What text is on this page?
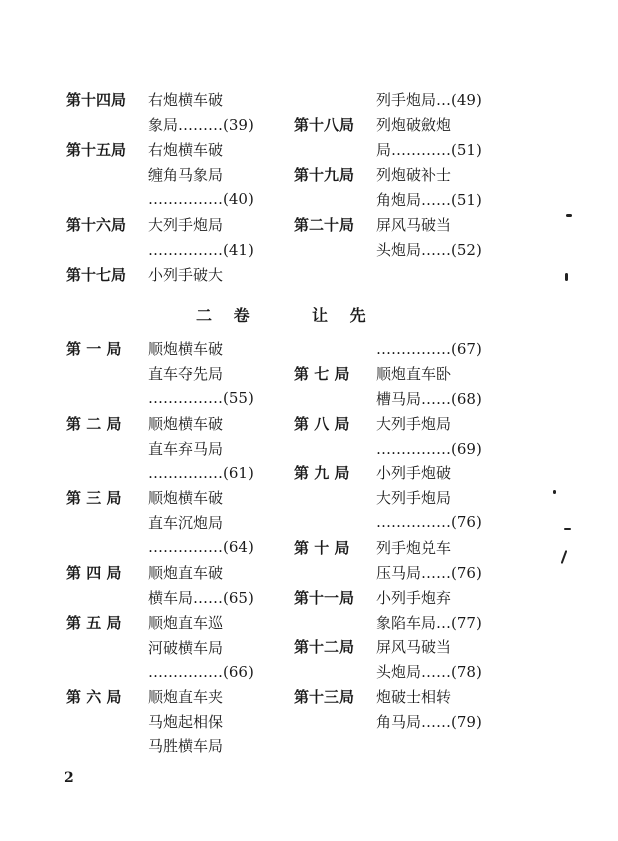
二 卷	让 先
第十四局 右炮横车破
象局………(39)
第十五局 右炮横车破
缠角马象局
……………(40)
第十六局 大列手炮局
……………(41)
第十七局 小列手破大
列手炮局…(49)
第十八局 列炮破斂炮
局…………(51)
第十九局 列炮破补士
角炮局……(51)
第二十局 屏风马破当
头炮局……(52)
第 一 局 顺炮横车破
直车夺先局
……………(55)
第 二 局 顺炮横车破
直车弃马局
……………(61)
第 三 局 顺炮横车破
直车沉炮局
……………(64)
第 四 局 顺炮直车破
横车局……(65)
第 五 局 顺炮直车巡
河破横车局
……………(66)
第 六 局 顺炮直车夹
马炮起相保
马胜横车局
……………(67)
第 七 局 顺炮直车卧
槽马局……(68)
第 八 局 大列手炮局
……………(69)
第 九 局 小列手炮破
大列手炮局
……………(76)
第 十 局 列手炮兑车
压马局……(76)
第十一局 小列手炮弃
象陷车局…(77)
第十二局 屏风马破当
头炮局……(78)
第十三局 炮破士相转
角马局……(79)
2
